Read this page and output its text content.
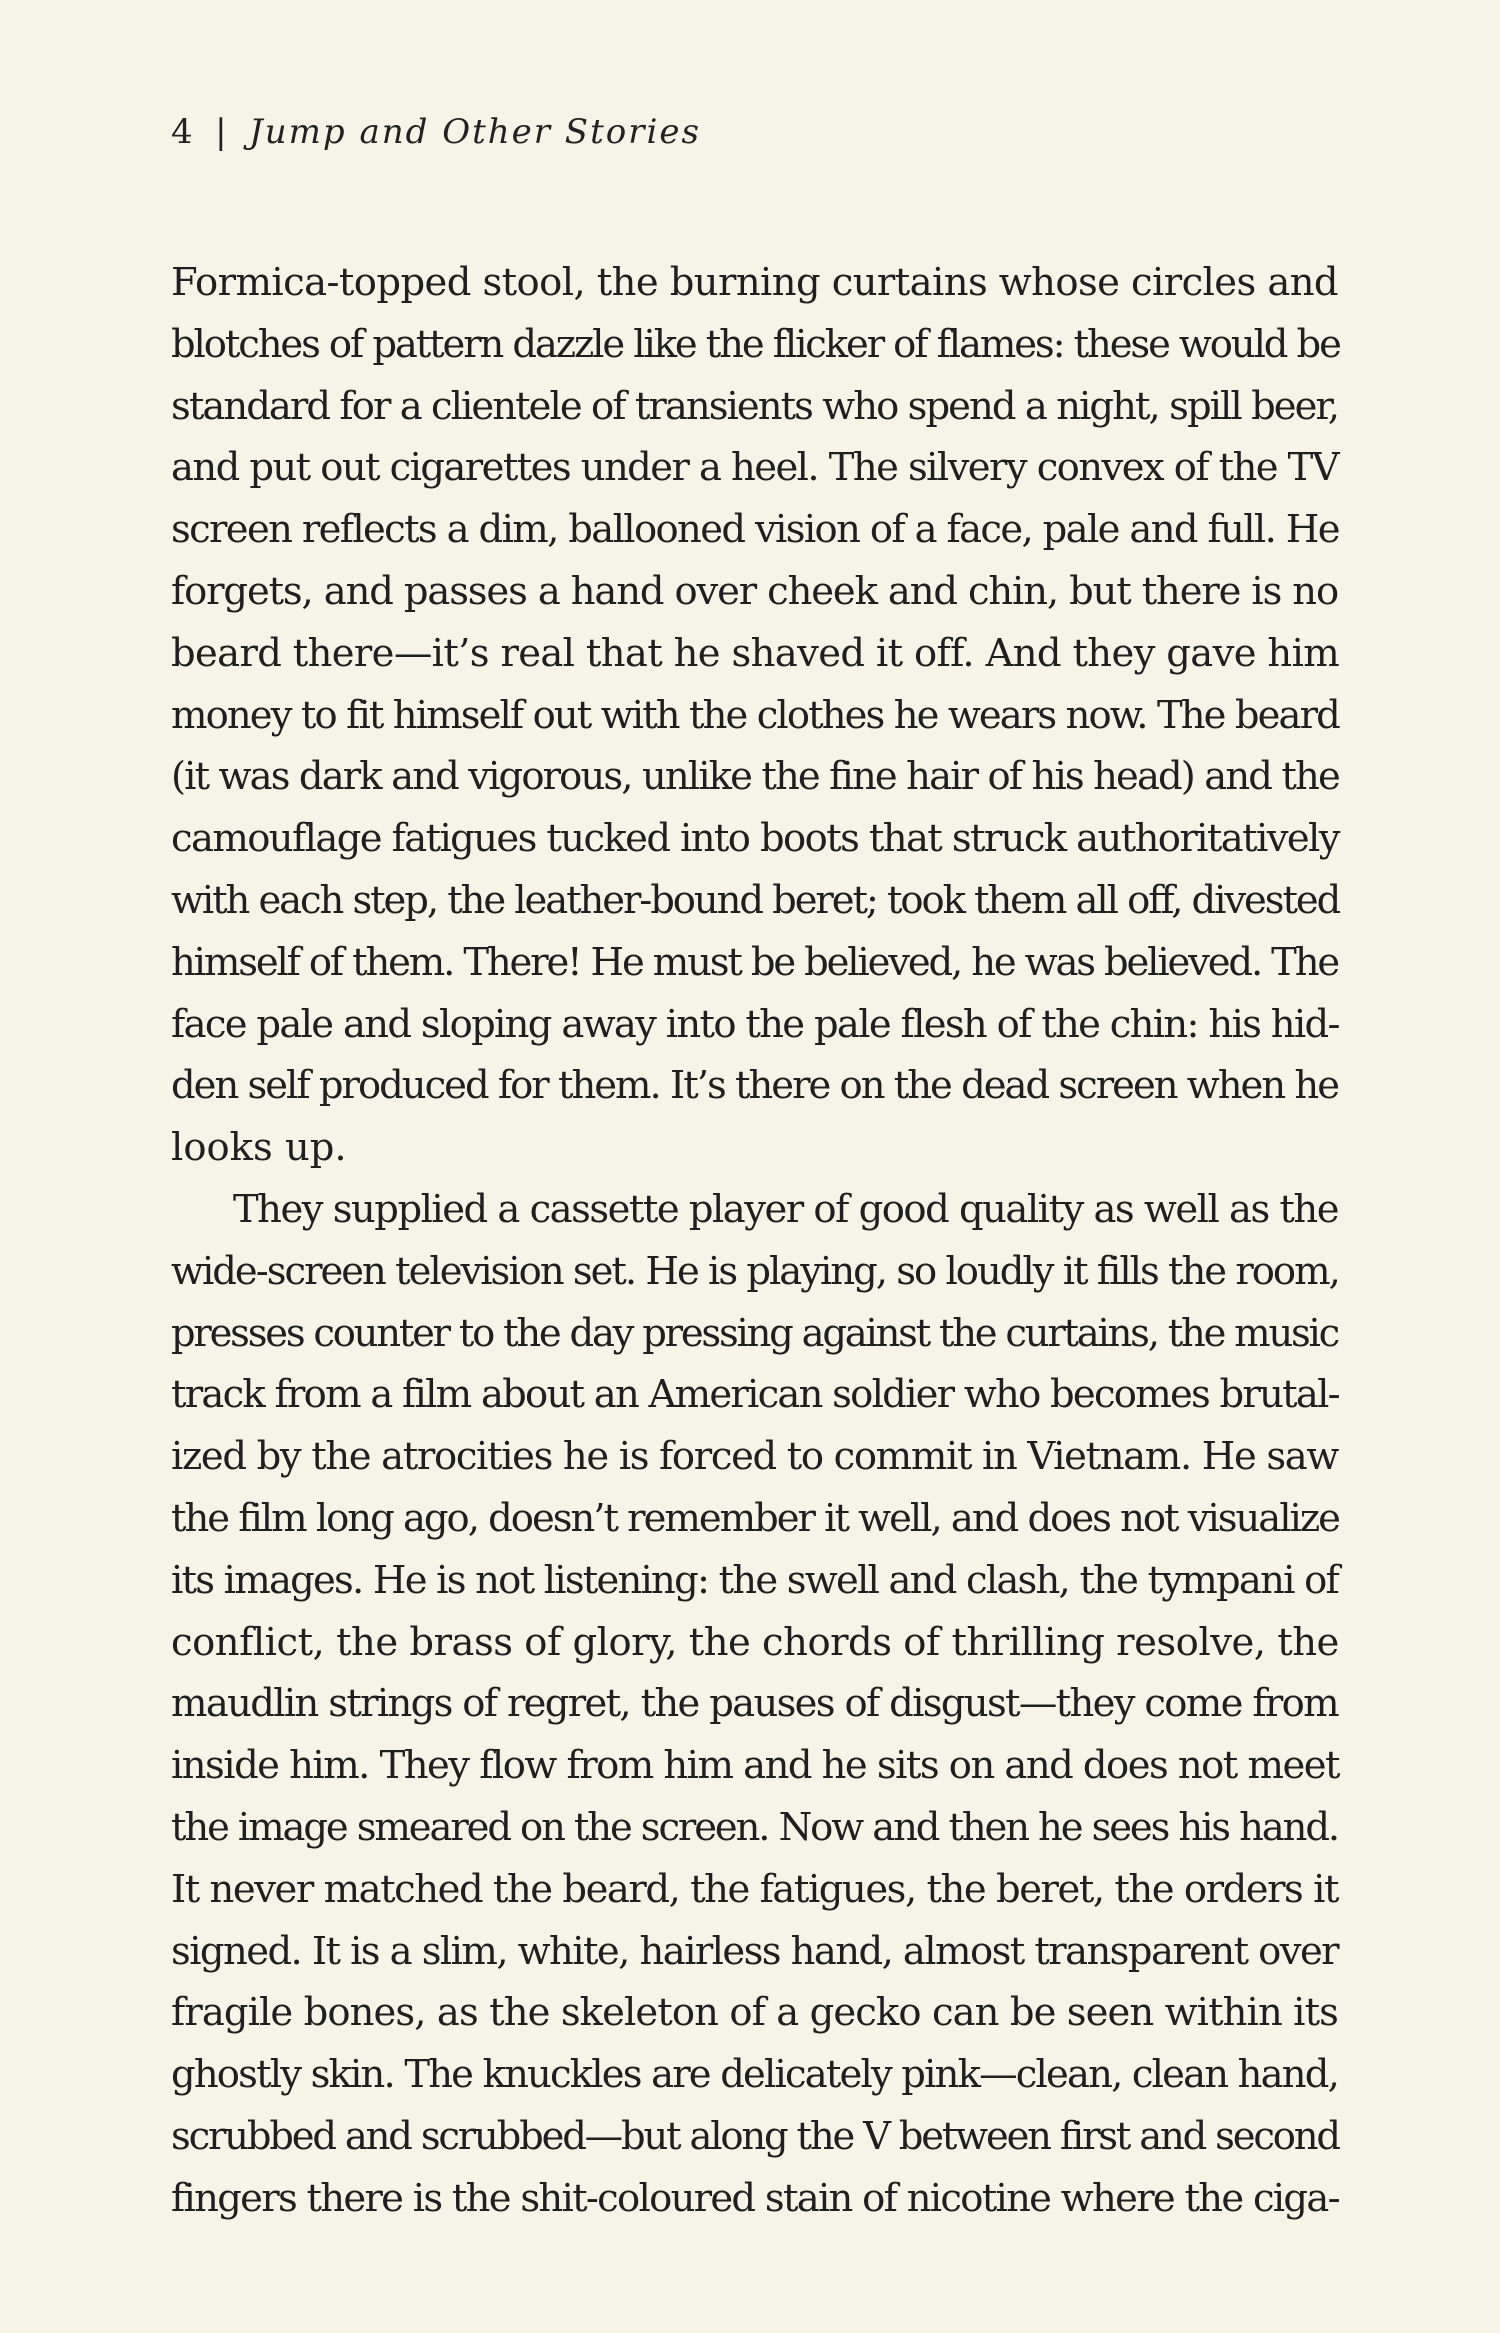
4 | Jump and Other Stories
Formica-topped stool, the burning curtains whose circles and
blotches of pattern dazzle like the flicker of flames: these would be
standard for a clientele of transients who spend a night, spill beer,
and put out cigarettes under a heel. The silvery convex of the TV
screen reflects a dim, ballooned vision of a face, pale and full. He
forgets, and passes a hand over cheek and chin, but there is no
beard there—it’s real that he shaved it off. And they gave him
money to fit himself out with the clothes he wears now. The beard
(it was dark and vigorous, unlike the fine hair of his head) and the
camouflage fatigues tucked into boots that struck authoritatively
with each step, the leather-bound beret; took them all off, divested
himself of them. There! He must be believed, he was believed. The
face pale and sloping away into the pale flesh of the chin: his hid-
den self produced for them. It’s there on the dead screen when he
looks up.
They supplied a cassette player of good quality as well as the
wide-screen television set. He is playing, so loudly it fills the room,
presses counter to the day pressing against the curtains, the music
track from a film about an American soldier who becomes brutal-
ized by the atrocities he is forced to commit in Vietnam. He saw
the film long ago, doesn’t remember it well, and does not visualize
its images. He is not listening: the swell and clash, the tympani of
conflict, the brass of glory, the chords of thrilling resolve, the
maudlin strings of regret, the pauses of disgust—they come from
inside him. They flow from him and he sits on and does not meet
the image smeared on the screen. Now and then he sees his hand.
It never matched the beard, the fatigues, the beret, the orders it
signed. It is a slim, white, hairless hand, almost transparent over
fragile bones, as the skeleton of a gecko can be seen within its
ghostly skin. The knuckles are delicately pink—clean, clean hand,
scrubbed and scrubbed—but along the V between first and second
fingers there is the shit-coloured stain of nicotine where the ciga-
